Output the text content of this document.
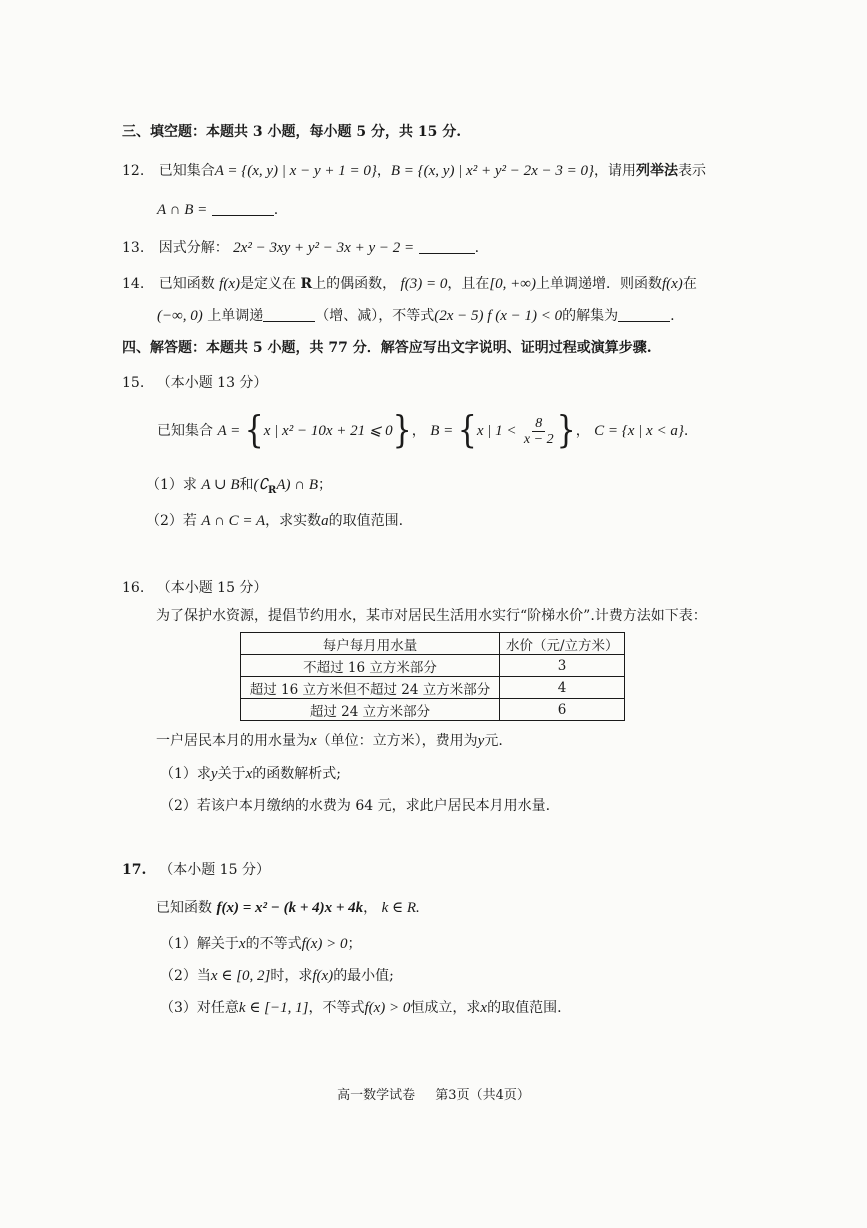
三、填空题：本题共 3 小题，每小题 5 分，共 15 分.
12. 已知集合A = {(x, y) | x − y + 1 = 0}，B = {(x, y) | x² + y² − 2x − 3 = 0}，请用列举法表示
A ∩ B =	.
13. 因式分解： 2x² − 3xy + y² − 3x + y − 2 =	.
14. 已知函数 f(x)是定义在 R上的偶函数， f(3) = 0，且在[0, +∞)上单调递增．则函数f(x)在
(−∞, 0) 上单调递	（增、减），不等式(2x − 5) f (x − 1) < 0的解集为	.
四、解答题：本题共 5 小题，共 77 分．解答应写出文字说明、证明过程或演算步骤.
15. （本小题 13 分）
已知集合 A = {x | x² − 10x + 21 ⩽ 0}， B = {x | $1 < \frac{8}{x - 2}$ }， C = {x | x < a}.
（1）求 A ∪ B和$(∁_RA)$ ∩ B；
（2）若 A ∩ C = A，求实数a的取值范围.
16. （本小题 15 分）
为了保护水资源，提倡节约用水，某市对居民生活用水实行“阶梯水价”.计费方法如下表：
每户每月用水量	水价（元/立方米）
不超过 16 立方米部分	3
超过 16 立方米但不超过 24 立方米部分	4
超过 24 立方米部分	6
一户居民本月的用水量为x（单位：立方米），费用为y元.
（1）求y关于x的函数解析式;
（2）若该户本月缴纳的水费为 64 元，求此户居民本月用水量.
17. （本小题 15 分）
已知函数 f(x) = x² − (k + 4)x + 4k， k ∈ R.
（1）解关于x的不等式f(x) > 0；
（2）当x ∈ [0, 2]时，求f(x)的最小值;
（3）对任意k ∈ [−1, 1]，不等式f(x) > 0恒成立，求x的取值范围.
高一数学试卷 第3页（共4页）
